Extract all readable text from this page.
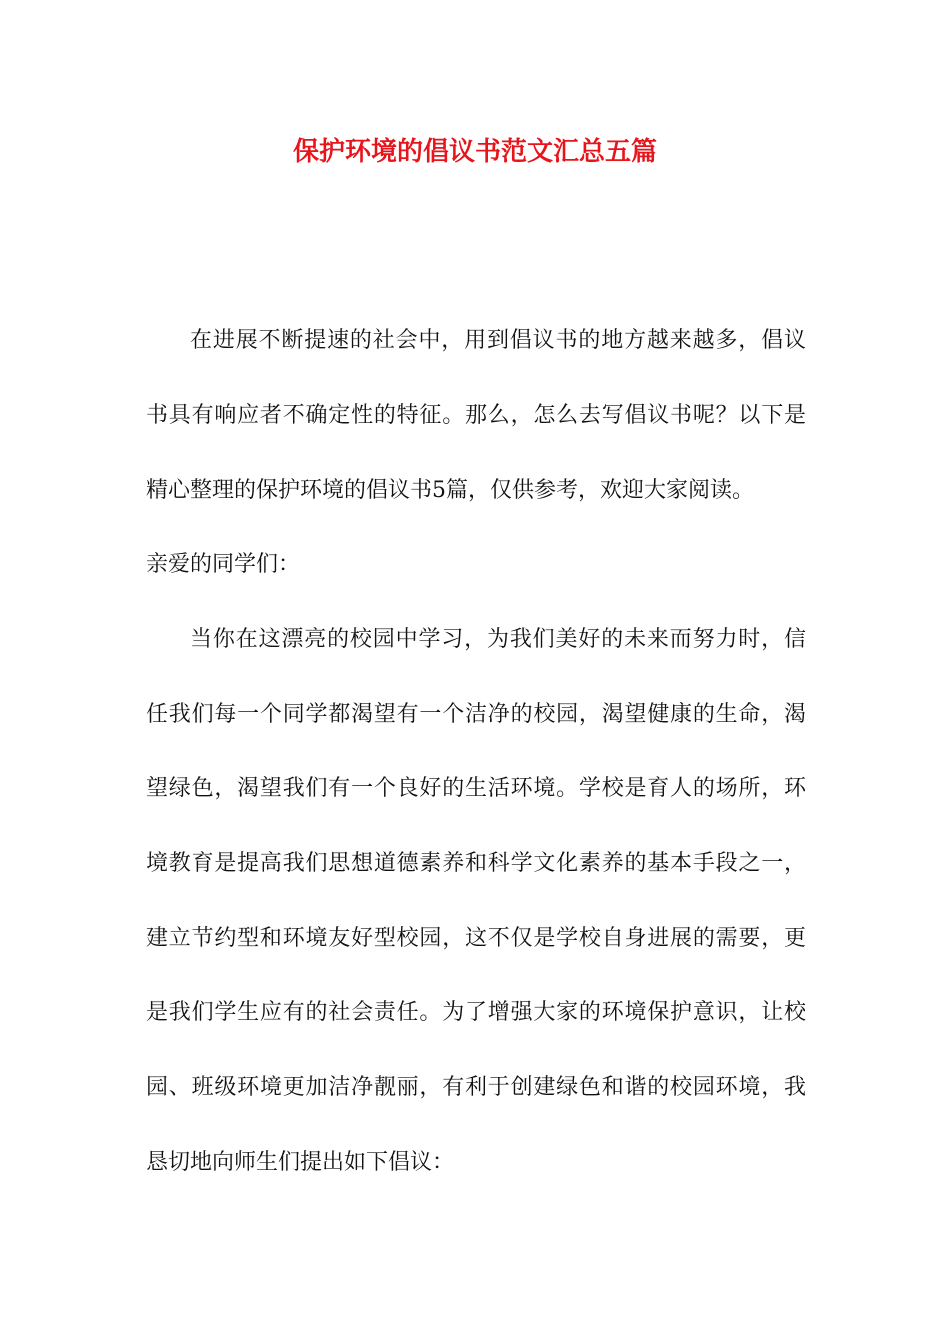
保护环境的倡议书范文汇总五篇
在进展不断提速的社会中，用到倡议书的地方越来越多，倡议
书具有响应者不确定性的特征。那么，怎么去写倡议书呢？以下是
精心整理的保护环境的倡议书5篇，仅供参考，欢迎大家阅读。
亲爱的同学们：
当你在这漂亮的校园中学习，为我们美好的未来而努力时，信
任我们每一个同学都渴望有一个洁净的校园，渴望健康的生命，渴
望绿色，渴望我们有一个良好的生活环境。学校是育人的场所，环
境教育是提高我们思想道德素养和科学文化素养的基本手段之一，
建立节约型和环境友好型校园，这不仅是学校自身进展的需要，更
是我们学生应有的社会责任。为了增强大家的环境保护意识，让校
园、班级环境更加洁净靓丽，有利于创建绿色和谐的校园环境，我
恳切地向师生们提出如下倡议：
